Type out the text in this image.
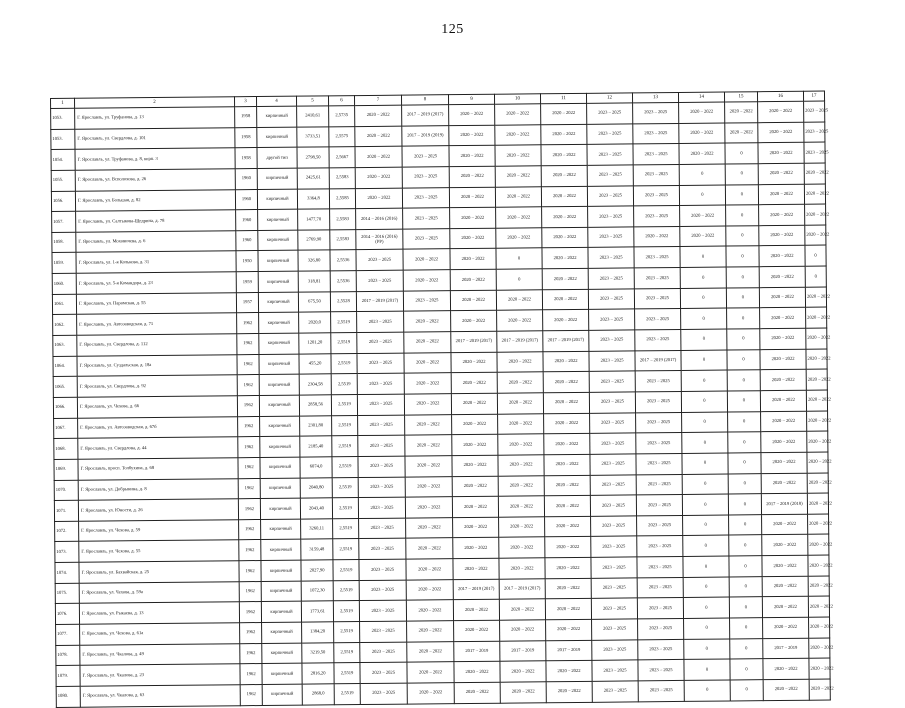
125
1	2	3	4	5	6	7	8	9	10	11	12	13	14	15	16	17
1053.	Г. Ярославль, ул. Труфанова, д. 13	1958	кирпичный	2410,61	2,5735	2020 – 2022	2017 – 2019 (2017)	2020 – 2022	2020 – 2022	2020 – 2022	2023 – 2025	2023 – 2025	2020 – 2022	2020 – 2022	2020 – 2022	2023 – 2025
1053.	Г. Ярославль, ул. Свердлова, д. 101	1958	кирпичный	3733,51	2,5575	2020 – 2022	2017 – 2019 (2019)	2020 – 2022	2020 – 2022	2020 – 2022	2023 – 2025	2023 – 2025	2020 – 2022	2020 – 2022	2020 – 2022	2023 – 2025
1054.	Г. Ярославль, ул. Труфанова, д. 8, корп. 3	1958	другой тип	2798,50	2,5667	2020 – 2022	2023 – 2025	2020 – 2022	2020 – 2022	2020 – 2022	2023 – 2025	2023 – 2025	2020 – 2022	0	2020 – 2022	2023 – 2025
1055.	Г. Ярославль, ул. Всполохова, д. 26	1960	кирпичный	2425,61	2,5583	2020 – 2022	2023 – 2025	2020 – 2022	2020 – 2022	2020 – 2022	2023 – 2025	2023 – 2025	0	0	2020 – 2022	2020 – 2022
1056.	Г. Ярославль, ул. Большая, д. 82	1960	кирпичный	3364,8	2,5585	2020 – 2022	2023 – 2025	2020 – 2022	2020 – 2022	2020 – 2022	2023 – 2025	2023 – 2025	0	0	2020 – 2022	2020 – 2022
1057.	Г. Ярославль, ул. Салтыкова-Щедрина, д. 78	1960	кирпичный	1477,70	2,5583	2014 – 2016 (2016)	2023 – 2025	2020 – 2022	2020 – 2022	2020 – 2022	2023 – 2025	2023 – 2025	2020 – 2022	0	2020 – 2022	2020 – 2022
1058.	Г. Ярославль, ул. Моховичева, д. 6	1960	кирпичный	2769,90	2,5583	2014 – 2016 (2016) (РР)	2023 – 2025	2020 – 2022	2020 – 2022	2020 – 2022	2023 – 2025	2020 – 2022	2020 – 2022	0	2020 – 2022	2020 – 2022
1059.	Г. Ярославль, ул. 1-я Колькова, д. 31	1950	кирпичный	326,80	2,5536	2023 – 2025	2020 – 2022	2020 – 2022	0	2020 – 2022	2023 – 2025	2023 – 2025	0	0	2020 – 2022	0
1060.	Г. Ярославль, ул. 5-я Командора, д. 23	1959	кирпичный	318,81	2,5536	2023 – 2025	2020 – 2022	2020 – 2022	0	2020 – 2022	2023 – 2025	2023 – 2025	0	0	2020 – 2022	0
1061.	Г. Ярославль, ул. Паромская, д. 55	1957	кирпичный	675,50	2,5528	2017 – 2019 (2017)	2023 – 2025	2020 – 2022	2020 – 2022	2020 – 2022	2023 – 2025	2023 – 2025	0	0	2020 – 2022	2020 – 2022
1062.	Г. Ярославль, ул. Автозаводская, д. 71	1962	кирпичный	2020,0	2,5519	2023 – 2025	2020 – 2022	2020 – 2022	2020 – 2022	2020 – 2022	2023 – 2025	2023 – 2025	0	0	2020 – 2022	2020 – 2022
1063.	Г. Ярославль, ул. Свердлова, д. 112	1962	кирпичный	1201,20	2,5519	2023 – 2025	2020 – 2022	2017 – 2019 (2017)	2017 – 2019 (2017)	2017 – 2019 (2017)	2023 – 2025	2023 – 2025	0	0	2020 – 2022	2020 – 2022
1064.	Г. Ярославль, ул. Суздальская, д. 18а	1962	кирпичный	455,20	2,5519	2023 – 2025	2020 – 2022	2020 – 2022	2020 – 2022	2020 – 2022	2023 – 2025	2017 – 2019 (2017)	0	0	2020 – 2022	2020 – 2022
1065.	Г. Ярославль, ул. Свердлова, д. 92	1962	кирпичный	2304,58	2,5519	2023 – 2025	2020 – 2022	2020 – 2022	2020 – 2022	2020 – 2022	2023 – 2025	2023 – 2025	0	0	2020 – 2022	2020 – 2022
1066.	Г. Ярославль, ул. Чехова, д. 66	1962	кирпичный	2858,56	2,5519	2023 – 2025	2020 – 2022	2020 – 2022	2020 – 2022	2020 – 2022	2023 – 2025	2023 – 2025	0	0	2020 – 2022	2020 – 2022
1067.	Г. Ярославль, ул. Автозаводская, д. 67б	1962	кирпичный	2301,80	2,5519	2023 – 2025	2020 – 2022	2020 – 2022	2020 – 2022	2020 – 2022	2023 – 2025	2023 – 2025	0	0	2020 – 2022	2020 – 2022
1068.	Г. Ярославль, ул. Свердлова, д. 44	1962	кирпичный	2185,40	2,5519	2023 – 2025	2020 – 2022	2020 – 2022	2020 – 2022	2020 – 2022	2023 – 2025	2023 – 2025	0	0	2020 – 2022	2020 – 2022
1069.	Г. Ярославль, просп. Толбухина, д. 68	1962	кирпичный	6074,0	2,5519	2023 – 2025	2020 – 2022	2020 – 2022	2020 – 2022	2020 – 2022	2023 – 2025	2023 – 2025	0	0	2020 – 2022	2020 – 2022
1070.	Г. Ярославль, ул. Добрынина, д. 8	1962	кирпичный	2040,80	2,5519	2023 – 2025	2020 – 2022	2020 – 2022	2020 – 2022	2020 – 2022	2023 – 2025	2023 – 2025	0	0	2020 – 2022	2020 – 2022
1071.	Г. Ярославль, ул. Юности, д. 26	1962	кирпичный	2043,40	2,5519	2023 – 2025	2020 – 2022	2020 – 2022	2020 – 2022	2020 – 2022	2023 – 2025	2023 – 2025	0	0	2017 – 2019 (2018)	2020 – 2022
1072.	Г. Ярославль, ул. Чехова, д. 59	1962	кирпичный	3260,11	2,5519	2023 – 2025	2020 – 2022	2020 – 2022	2020 – 2022	2020 – 2022	2023 – 2025	2023 – 2025	0	0	2020 – 2022	2020 – 2022
1073.	Г. Ярославль, ул. Чехова, д. 55	1962	кирпичный	3159,48	2,5519	2023 – 2025	2020 – 2022	2020 – 2022	2020 – 2022	2020 – 2022	2023 – 2025	2023 – 2025	0	0	2020 – 2022	2020 – 2022
1074.	Г. Ярославль, ул. Бахвайская, д. 25	1962	кирпичный	2027,90	2,5519	2023 – 2025	2020 – 2022	2020 – 2022	2020 – 2022	2020 – 2022	2023 – 2025	2023 – 2025	0	0	2020 – 2022	2020 – 2022
1075.	Г. Ярославль, ул. Чехова, д. 59а	1962	кирпичный	1072,30	2,5519	2023 – 2025	2020 – 2022	2017 – 2019 (2017)	2017 – 2019 (2017)	2020 – 2022	2023 – 2025	2023 – 2025	0	0	2020 – 2022	2020 – 2022
1076.	Г. Ярославль, ул. Рыкаева, д. 13	1962	кирпичный	1773,61	2,5519	2023 – 2025	2020 – 2022	2020 – 2022	2020 – 2022	2020 – 2022	2023 – 2025	2023 – 2025	0	0	2020 – 2022	2020 – 2022
1077.	Г. Ярославль, ул. Чехова, д. 61а	1962	кирпичный	1384,20	2,5519	2023 – 2025	2020 – 2022	2020 – 2022	2020 – 2022	2020 – 2022	2023 – 2025	2023 – 2025	0	0	2020 – 2022	2020 – 2022
1078.	Г. Ярославль, ул. Чкалова, д. 49	1962	кирпичный	3219,50	2,5519	2023 – 2025	2020 – 2022	2017 – 2019	2017 – 2019	2017 – 2019	2023 – 2025	2023 – 2025	0	0	2017 – 2019	2020 – 2022
1079.	Г. Ярославль, ул. Чкалова, д. 23	1962	кирпичный	2816,20	2,5519	2023 – 2025	2020 – 2022	2020 – 2022	2020 – 2022	2020 – 2022	2023 – 2025	2023 – 2025	0	0	2020 – 2022	2020 – 2022
1080.	Г. Ярославль, ул. Чкалова, д. 63	1962	кирпичный	2868,0	2,5519	2023 – 2025	2020 – 2022	2020 – 2022	2020 – 2022	2020 – 2022	2023 – 2025	2023 – 2025	0	0	2020 – 2022	2020 – 2022
